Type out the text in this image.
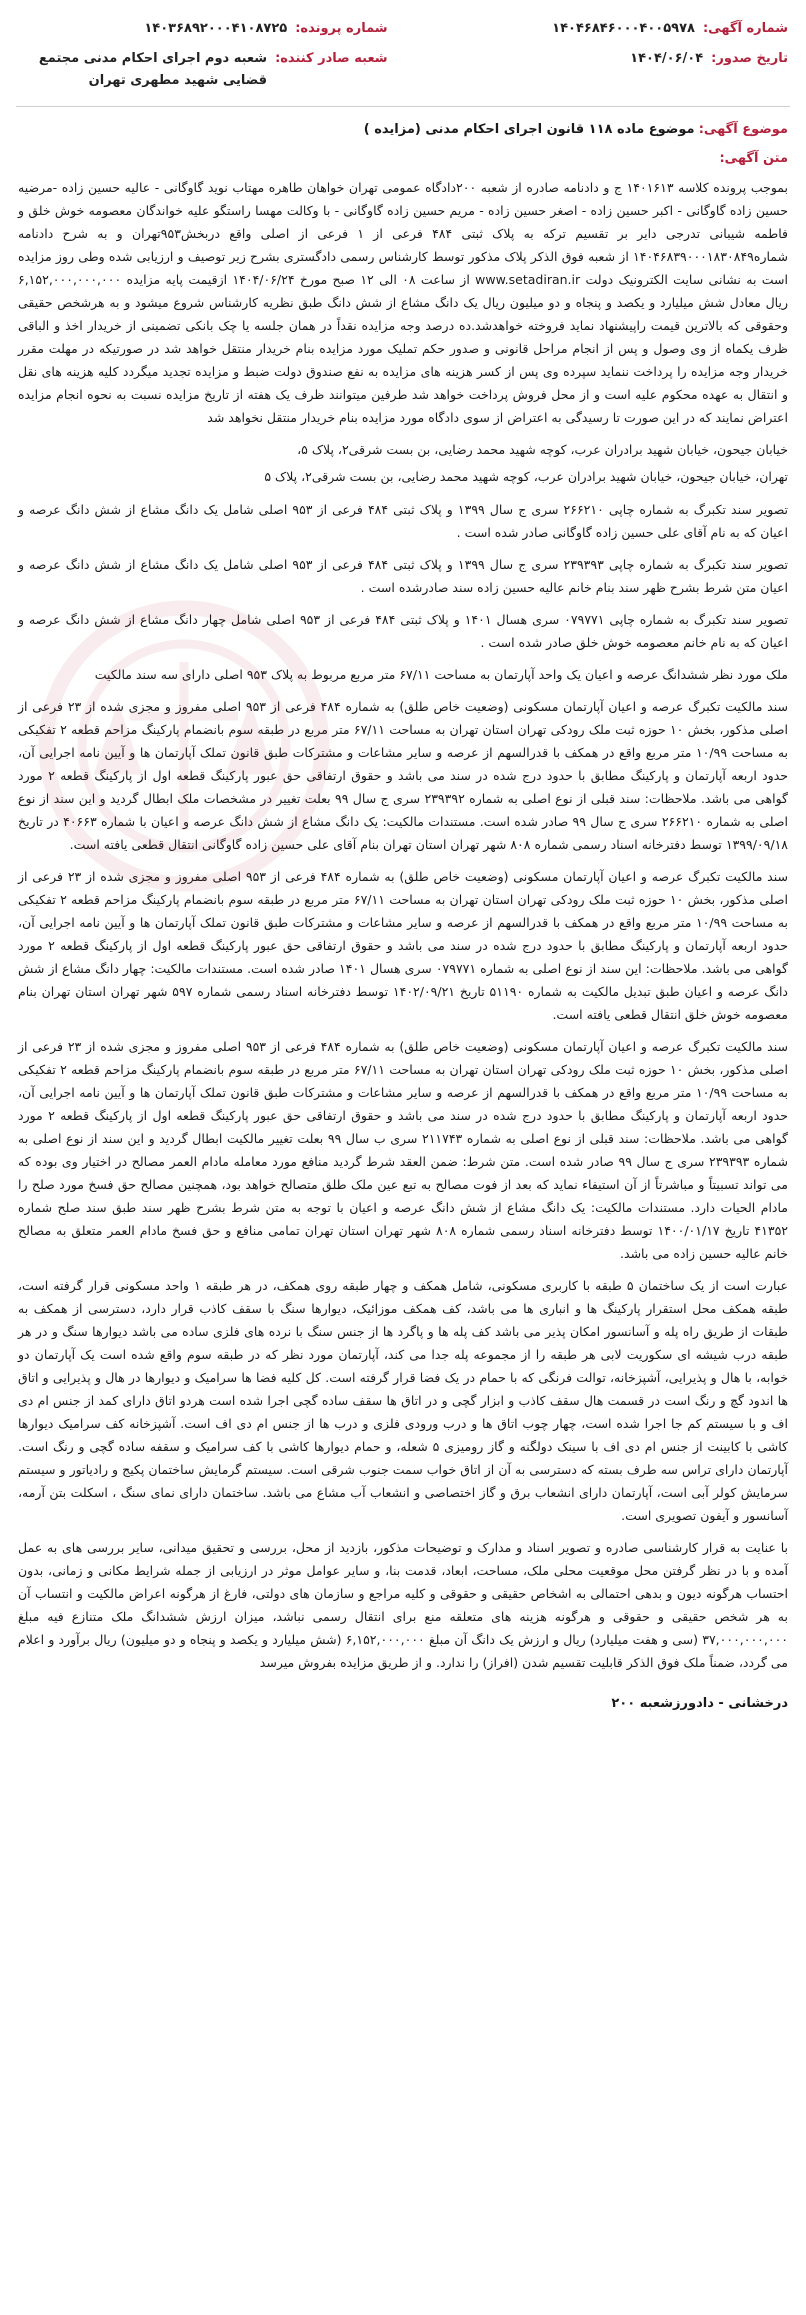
شماره آگهی:
۱۴۰۴۶۸۴۶۰۰۰۴۰۰۵۹۷۸
شماره پرونده:
۱۴۰۳۶۸۹۲۰۰۰۴۱۰۸۷۲۵
تاریخ صدور:
۱۴۰۴/۰۶/۰۴
شعبه صادر کننده:
شعبه دوم اجرای احکام مدنی مجتمع قضایی شهید مطهری تهران
موضوع آگهی: موضوع ماده ۱۱۸ قانون اجرای احکام مدنی (مزایده )
متن آگهی:

بموجب پرونده کلاسه ۱۴۰۱۶۱۳ ج و دادنامه صادره از شعبه ۲۰۰دادگاه عمومی تهران خواهان طاهره مهتاب نوید گاوگانی - عالیه حسین زاده -مرضیه حسین زاده گاوگانی - اکبر حسین زاده - اصغر حسین زاده - مریم حسین زاده گاوگانی - با وکالت مهسا راستگو علیه خواندگان معصومه خوش خلق و فاطمه شیبانی تدرجی دایر بر تقسیم ترکه به پلاک ثبتی ۴۸۴ فرعی از ۱ فرعی از اصلی واقع دربخش۹۵۳تهران و به شرح دادنامه شماره۱۴۰۴۶۸۳۹۰۰۰۱۸۳۰۸۴۹ از شعبه فوق الذکر پلاک مذکور توسط کارشناس رسمی دادگستری بشرح زیر توصیف و ارزیابی شده وطی روز مزایده است به نشانی سایت الکترونیک دولت www.setadiran.ir از ساعت ۰۸ الی ۱۲ صبح مورخ ۱۴۰۴/۰۶/۲۴ ازقیمت پایه مزایده ۶,۱۵۲,۰۰۰,۰۰۰,۰۰۰ ریال معادل شش میلیارد و یکصد و پنجاه و دو میلیون ریال یک دانگ مشاع از شش دانگ طبق نظریه کارشناس شروع میشود و به هرشخص حقیقی وحقوقی که بالاترین قیمت راپیشنهاد نماید فروخته خواهدشد.ده درصد وجه مزایده نقداً در همان جلسه یا چک بانکی تضمینی از خریدار اخذ و الباقی ظرف یکماه از وی وصول و پس از انجام مراحل قانونی و صدور حکم تملیک مورد مزایده بنام خریدار منتقل خواهد شد در صورتیکه در مهلت مقرر خریدار وجه مزایده را پرداخت ننماید سپرده وی پس از کسر هزینه های مزایده به نفع صندوق دولت ضبط و مزایده تجدید میگردد کلیه هزینه های نقل و انتقال به عهده محکوم علیه است و از محل فروش پرداخت خواهد شد طرفین میتوانند ظرف یک هفته از تاریخ مزایده نسبت به نحوه انجام مزایده اعتراض نمایند که در این صورت تا رسیدگی به اعتراض از سوی دادگاه مورد مزایده بنام خریدار منتقل نخواهد شد

خیابان جیحون، خیابان شهید برادران عرب، کوچه شهید محمد رضایی، بن بست شرقی۲، پلاک ۵،
تهران، خیابان جیحون، خیابان شهید برادران عرب، کوچه شهید محمد رضایی، بن بست شرقی۲، پلاک ۵

تصویر سند تکبرگ به شماره چاپی ۲۶۶۲۱۰ سری ج سال ۱۳۹۹ و پلاک ثبتی ۴۸۴ فرعی از ۹۵۳ اصلی شامل یک دانگ مشاع از شش دانگ عرصه و اعیان که به نام آقای علی حسین زاده گاوگانی صادر شده است .

تصویر سند تکبرگ به شماره چاپی ۲۳۹۳۹۳ سری ج سال ۱۳۹۹ و پلاک ثبتی ۴۸۴ فرعی از ۹۵۳ اصلی شامل یک دانگ مشاع از شش دانگ عرصه و اعیان متن شرط بشرح ظهر سند بنام خانم عالیه حسین زاده سند صادرشده است .

تصویر سند تکبرگ به شماره چاپی ۰۷۹۷۷۱ سری هسال ۱۴۰۱ و پلاک ثبتی ۴۸۴ فرعی از ۹۵۳ اصلی شامل چهار دانگ مشاع از شش دانگ عرصه و اعیان که به نام خانم معصومه خوش خلق صادر شده است .

ملک مورد نظر ششدانگ عرصه و اعیان یک واحد آپارتمان به مساحت ۶۷/۱۱ متر مربع مربوط به پلاک ۹۵۳ اصلی دارای سه سند مالکیت

سند مالکیت تکبرگ عرصه و اعیان آپارتمان مسکونی (وضعیت خاص طلق) به شماره ۴۸۴ فرعی از ۹۵۳ اصلی مفروز و مجزی شده از ۲۳ فرعی از اصلی مذکور، بخش ۱۰ حوزه ثبت ملک رودکی تهران استان تهران به مساحت ۶۷/۱۱ متر مربع در طبقه سوم بانضمام پارکینگ مزاحم قطعه ۲ تفکیکی به مساحت ۱۰/۹۹ متر مربع واقع در همکف با قدرالسهم از عرصه و سایر مشاعات و مشترکات طبق قانون تملک آپارتمان ها و آیین نامه اجرایی آن، حدود اربعه آپارتمان و پارکینگ مطابق با حدود درج شده در سند می باشد و حقوق ارتفاقی حق عبور پارکینگ قطعه اول از پارکینگ قطعه ۲ مورد گواهی می باشد. ملاحظات: سند قبلی از نوع اصلی به شماره ۲۳۹۳۹۲ سری ج سال ۹۹ بعلت تغییر در مشخصات ملک ابطال گردید و این سند از نوع اصلی به شماره ۲۶۶۲۱۰ سری ج سال ۹۹ صادر شده است. مستندات مالکیت: یک دانگ مشاع از شش دانگ عرصه و اعیان با شماره ۴۰۶۶۳ در تاریخ ۱۳۹۹/۰۹/۱۸ توسط دفترخانه اسناد رسمی شماره ۸۰۸ شهر تهران استان تهران بنام آقای علی حسین زاده گاوگانی انتقال قطعی یافته است.

سند مالکیت تکبرگ عرصه و اعیان آپارتمان مسکونی (وضعیت خاص طلق) به شماره ۴۸۴ فرعی از ۹۵۳ اصلی مفروز و مجزی شده از ۲۳ فرعی از اصلی مذکور، بخش ۱۰ حوزه ثبت ملک رودکی تهران استان تهران به مساحت ۶۷/۱۱ متر مربع در طبقه سوم بانضمام پارکینگ مزاحم قطعه ۲ تفکیکی به مساحت ۱۰/۹۹ متر مربع واقع در همکف با قدرالسهم از عرصه و سایر مشاعات و مشترکات طبق قانون تملک آپارتمان ها و آیین نامه اجرایی آن، حدود اربعه آپارتمان و پارکینگ مطابق با حدود درج شده در سند می باشد و حقوق ارتفاقی حق عبور پارکینگ قطعه اول از پارکینگ قطعه ۲ مورد گواهی می باشد. ملاحظات: این سند از نوع اصلی به شماره ۰۷۹۷۷۱ سری هسال ۱۴۰۱ صادر شده است. مستندات مالکیت: چهار دانگ مشاع از شش دانگ عرصه و اعیان طبق تبدیل مالکیت به شماره ۵۱۱۹۰ تاریخ ۱۴۰۲/۰۹/۲۱ توسط دفترخانه اسناد رسمی شماره ۵۹۷ شهر تهران استان تهران بنام معصومه خوش خلق انتقال قطعی یافته است.

سند مالکیت تکبرگ عرصه و اعیان آپارتمان مسکونی (وضعیت خاص طلق) به شماره ۴۸۴ فرعی از ۹۵۳ اصلی مفروز و مجزی شده از ۲۳ فرعی از اصلی مذکور، بخش ۱۰ حوزه ثبت ملک رودکی تهران استان تهران به مساحت ۶۷/۱۱ متر مربع در طبقه سوم بانضمام پارکینگ مزاحم قطعه ۲ تفکیکی به مساحت ۱۰/۹۹ متر مربع واقع در همکف با قدرالسهم از عرصه و سایر مشاعات و مشترکات طبق قانون تملک آپارتمان ها و آیین نامه اجرایی آن، حدود اربعه آپارتمان و پارکینگ مطابق با حدود درج شده در سند می باشد و حقوق ارتفاقی حق عبور پارکینگ قطعه اول از پارکینگ قطعه ۲ مورد گواهی می باشد. ملاحظات: سند قبلی از نوع اصلی به شماره ۲۱۱۷۴۳ سری ب سال ۹۹ بعلت تغییر مالکیت ابطال گردید و این سند از نوع اصلی به شماره ۲۳۹۳۹۳ سری ج سال ۹۹ صادر شده است. متن شرط: ضمن العقد شرط گردید منافع مورد معامله مادام العمر مصالح در اختیار وی بوده که می تواند تسبیتاً و مباشرتاً از آن استیفاء نماید که بعد از فوت مصالح به تبع عین ملک طلق متصالح خواهد بود، همچنین مصالح حق فسخ مورد صلح را مادام الحیات دارد. مستندات مالکیت: یک دانگ مشاع از شش دانگ عرصه و اعیان با توجه به متن شرط بشرح ظهر سند طبق سند صلح شماره ۴۱۳۵۲ تاریخ ۱۴۰۰/۰۱/۱۷ توسط دفترخانه اسناد رسمی شماره ۸۰۸ شهر تهران استان تهران تمامی منافع و حق فسخ مادام العمر متعلق به مصالح خانم عالیه حسین زاده می باشد.

عبارت است از یک ساختمان ۵ طبقه با کاربری مسکونی، شامل همکف و چهار طبقه روی همکف، در هر طبقه ۱ واحد مسکونی قرار گرفته است، طبقه همکف محل استقرار پارکینگ ها و انباری ها می باشد، کف همکف موزائیک، دیوارها سنگ با سقف کاذب قرار دارد، دسترسی از همکف به طبقات از طریق راه پله و آسانسور امکان پذیر می باشد کف پله ها و پاگرد ها از جنس سنگ با نرده های فلزی ساده می باشد دیوارها سنگ و در هر طبقه درب شیشه ای سکوریت لابی هر طبقه را از مجموعه پله جدا می کند، آپارتمان مورد نظر که در طبقه سوم واقع شده است یک آپارتمان دو خوابه، با هال و پذیرایی، آشپزخانه، توالت فرنگی که با حمام در یک فضا قرار گرفته است. کل کلیه فضا ها سرامیک و دیوارها در هال و پذیرایی و اتاق ها اندود گچ و رنگ است در قسمت هال سقف کاذب و ابزار گچی و در اتاق ها سقف ساده گچی اجرا شده است هردو اتاق دارای کمد از جنس ام دی اف و با سیستم کم جا اجرا شده است، چهار چوب اتاق ها و درب ورودی فلزی و درب ها از جنس ام دی اف است. آشپزخانه کف سرامیک دیوارها کاشی با کابینت از جنس ام دی اف با سینک دولگنه و گاز رومیزی ۵ شعله، و حمام دیوارها کاشی با کف سرامیک و سقفه ساده گچی و رنگ است. آپارتمان دارای تراس سه طرف بسته که دسترسی به آن از اتاق خواب سمت جنوب شرقی است. سیستم گرمایش ساختمان پکیج و رادیاتور و سیستم سرمایش کولر آبی است، آپارتمان دارای انشعاب برق و گاز اختصاصی و انشعاب آب مشاع می باشد. ساختمان دارای نمای سنگ ، اسکلت بتن آرمه، آسانسور و آیفون تصویری است.

با عنایت به قرار کارشناسی صادره و تصویر اسناد و مدارک و توضیحات مذکور، بازدید از محل، بررسی و تحقیق میدانی، سایر بررسی های به عمل آمده و با در نظر گرفتن محل موقعیت محلی ملک، مساحت، ابعاد، قدمت بنا، و سایر عوامل موثر در ارزیابی از جمله شرایط مکانی و زمانی، بدون احتساب هرگونه دیون و بدهی احتمالی به اشخاص حقیقی و حقوقی و کلیه مراجع و سازمان های دولتی، فارغ از هرگونه اعراض مالکیت و انتساب آن به هر شخص حقیقی و حقوقی و هرگونه هزینه های متعلقه منع برای انتقال رسمی نباشد، میزان ارزش ششدانگ ملک متنازع فیه مبلغ ۳۷,۰۰۰,۰۰۰,۰۰۰ (سی و هفت میلیارد) ریال و ارزش یک دانگ آن مبلغ ۶,۱۵۲,۰۰۰,۰۰۰ (شش میلیارد و یکصد و پنجاه و دو میلیون) ریال برآورد و اعلام می گردد، ضمناً ملک فوق الذکر قابلیت تقسیم شدن (افراز) را ندارد. و از طریق مزایده بفروش میرسد

درخشانی - دادورزشعبه ۲۰۰
